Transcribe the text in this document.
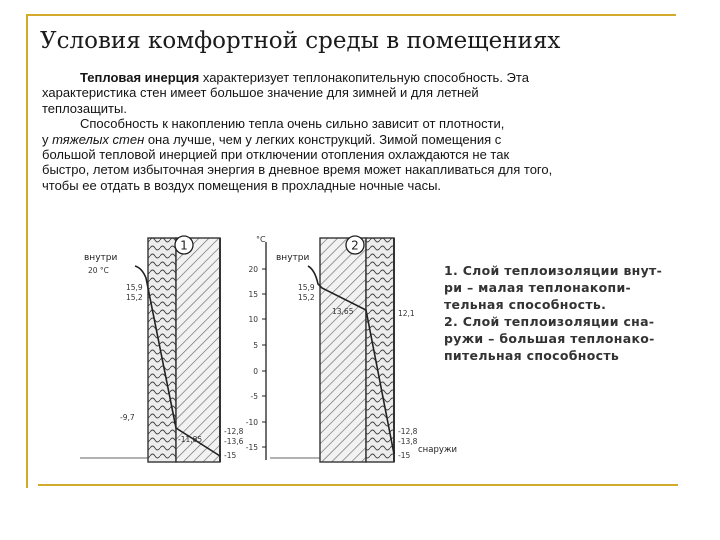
Условия комфортной среды в помещениях

Тепловая инерция характеризует теплонакопительную способность. Эта
характеристика стен имеет большое значение для зимней и для летней
теплозащиты.

Способность к накоплению тепла очень сильно зависит от плотности,
у тяжелых стен она лучше, чем у легких конструкций. Зимой помещения с
большой тепловой инерцией при отключении отопления охлаждаются не так
быстро, летом избыточная энергия в дневное время может накапливаться для того,
чтобы ее отдать в воздух помещения в прохладные ночные часы.

1
внутри
20 °C
15,9
15,2
-9,7
-11,85
-12,8
-13,6
-15
°C
20
15
10
5
0
-5
-10
-15
2
внутри
15,9
15,2
13,65	12,1
-12,8
-13,8
-15
снаружи
1. Слой теплоизоляции внут-
ри – малая теплонакопи-
тельная способность.
2. Слой теплоизоляции сна-
ружи – большая теплонако-
пительная способность
